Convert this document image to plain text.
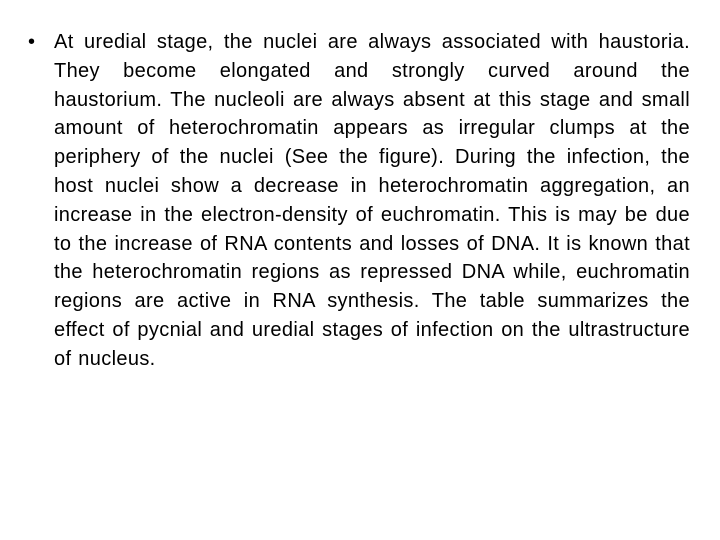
• At uredial stage, the nuclei are always associated with haustoria. They become elongated and strongly curved around the haustorium. The nucleoli are always absent at this stage and small amount of heterochromatin appears as irregular clumps at the periphery of the nuclei (See the figure). During the infection, the host nuclei show a decrease in heterochromatin aggregation, an increase in the electron-density of euchromatin. This is may be due to the increase of RNA contents and losses of DNA. It is known that the heterochromatin regions as repressed DNA while, euchromatin regions are active in RNA synthesis. The table summarizes the effect of pycnial and uredial stages of infection on the ultrastructure of nucleus.
